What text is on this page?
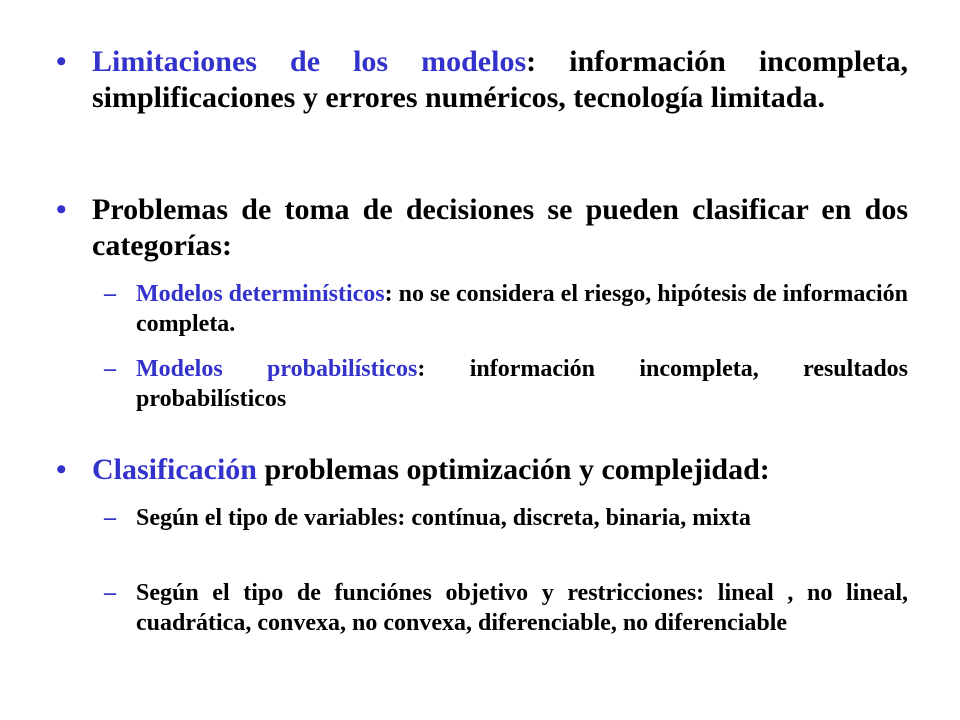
• Limitaciones de los modelos: información incompleta, simplificaciones y errores numéricos, tecnología limitada.
• Problemas de toma de decisiones se pueden clasificar en dos categorías:
– Modelos determinísticos: no se considera el riesgo, hipótesis de información completa.
– Modelos probabilísticos: información incompleta, resultados probabilísticos
• Clasificación problemas optimización y complejidad:
– Según el tipo de variables: contínua, discreta, binaria, mixta
– Según el tipo de funciónes objetivo y restricciones: lineal , no lineal, cuadrática, convexa, no convexa, diferenciable, no diferenciable
